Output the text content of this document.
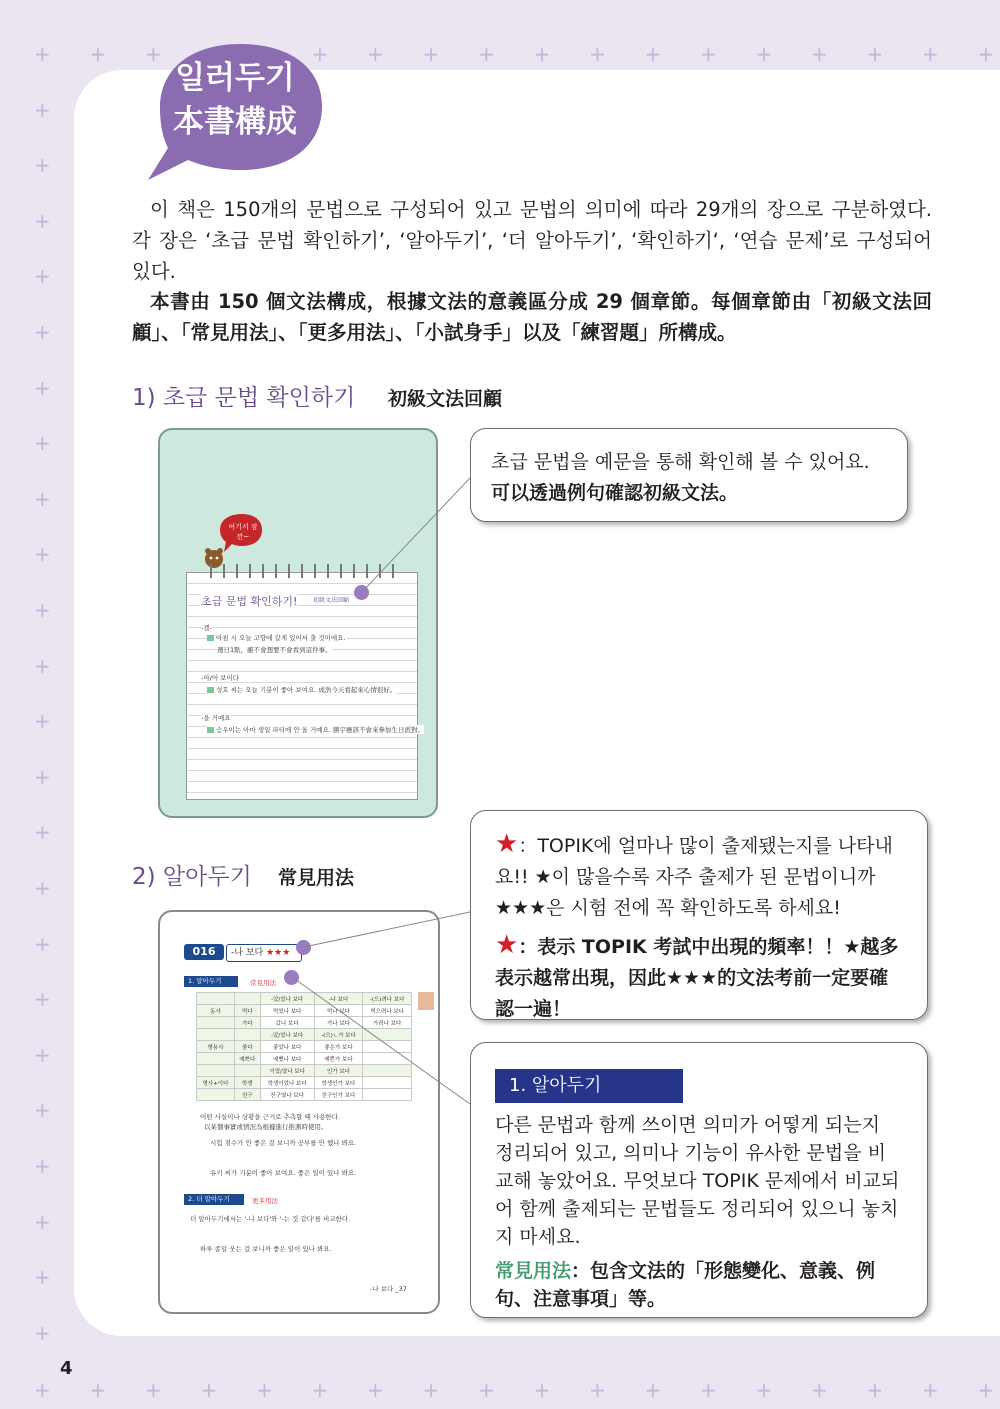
+
+
+
+
+
+ + +
+
+
+
+
+
+
+
+
+
+
+
+
+
+
+
+
+
+
+
+
+
+
+
+
+
+
+
+
+
+
+
+
+
+
+
+
+
+
+
+
+
+
+
+
+
+
+
+
+
일러두기
本書構成
이 책은 150개의 문법으로 구성되어 있고 문법의 의미에 따라 29개의 장으로 구분하였다. 각 장은 ‘초급 문법 확인하기’, ‘알아두기’, ‘더 알아두기’, ‘확인하기‘, ‘연습 문제’로 구성되어 있다.
本書由 150 個文法構成，根據文法的意義區分成 29 個章節。每個章節由「初級文法回顧」、「常見用法」、「更多用法」、「小試身手」以及「練習題」所構成。
1) 초급 문법 확인하기 初級文法回顧
여기서 잠깐~
초급 문법 확인하기!	初級文法回顧
-겠-
아침 시 오늘 고향에 갈게 있어서 출 것이에요.
週日1點，雖不會想要不會看到這件事。
-아/어 보이다
성호 씨는 오늘 기분이 좋아 보여요. 成浩今天看起來心情很好。
-을 거예요
승우이는 아마 생일 파티에 안 올 거예요. 勝宇應該不會來參加生日派對。
초급 문법을 예문을 통해 확인해 볼 수 있어요.
可以透過例句確認初級文法。
2) 알아두기 常見用法
016	-나 보다 ★★★
1. 알아두기	常見用法
		-았/었나 보다	-나 보다	-(으)려나 보다
동사	먹다	먹었나 보다	먹나 보다	먹으려나 보다
	가다	갔나 보다	가나 보다	가려나 보다
		-았/었나 보다	-(으)ㄴ가 보다	
형용사	좋다	좋았나 보다	좋은가 보다	
	예쁘다	예뻤나 보다	예쁜가 보다	
		이었/였나 보다	인가 보다	
명사+이다	학생	학생이었나 보다	학생인가 보다	
	친구	친구였나 보다	친구인가 보다	
어떤 사실이나 상황을 근거로 추측할 때 사용한다.
以某個事實或情況為根據進行推測時使用。
시험 점수가 안 좋은 걸 보니까 공부를 안 했나 봐요.
유키 씨가 기분이 좋아 보여요. 좋은 일이 있나 봐요.
2. 더 알아두기	更多用法
더 알아두기에서는 '-나 보다'와 '-는 것 같다'를 비교한다.
하루 종일 웃는 걸 보니까 좋은 일이 있나 봐요.
-나 보다 _37
★：TOPIK에 얼마나 많이 출제됐는지를 나타내요!! ★이 많을수록 자주 출제가 된 문법이니까 ★★★은 시험 전에 꼭 확인하도록 하세요!
★：表示 TOPIK 考試中出現的頻率！！★越多表示越常出現，因此★★★的文法考前一定要確認一遍！
1. 알아두기
다른 문법과 함께 쓰이면 의미가 어떻게 되는지 정리되어 있고, 의미나 기능이 유사한 문법을 비교해 놓았어요. 무엇보다 TOPIK 문제에서 비교되어 함께 출제되는 문법들도 정리되어 있으니 놓치지 마세요.
常見用法：包含文法的「形態變化、意義、例句、注意事項」等。
4
